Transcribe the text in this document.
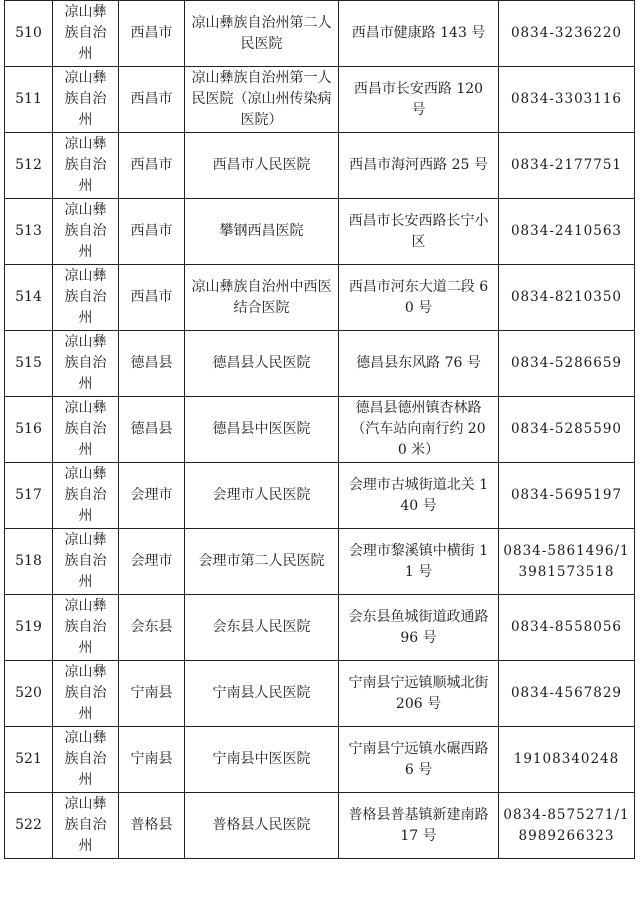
510	凉山彝族自治州	西昌市	凉山彝族自治州第二人民医院	西昌市健康路 143 号	0834-3236220
511	凉山彝族自治州	西昌市	凉山彝族自治州第一人民医院（凉山州传染病医院）	西昌市长安西路 120 号	0834-3303116
512	凉山彝族自治州	西昌市	西昌市人民医院	西昌市海河西路 25 号	0834-2177751
513	凉山彝族自治州	西昌市	攀钢西昌医院	西昌市长安西路长宁小区	0834-2410563
514	凉山彝族自治州	西昌市	凉山彝族自治州中西医结合医院	西昌市河东大道二段 60 号	0834-8210350
515	凉山彝族自治州	德昌县	德昌县人民医院	德昌县东风路 76 号	0834-5286659
516	凉山彝族自治州	德昌县	德昌县中医医院	德昌县德州镇杏林路（汽车站向南行约 200 米）	0834-5285590
517	凉山彝族自治州	会理市	会理市人民医院	会理市古城街道北关 140 号	0834-5695197
518	凉山彝族自治州	会理市	会理市第二人民医院	会理市黎溪镇中横街 11 号	0834-5861496/13981573518
519	凉山彝族自治州	会东县	会东县人民医院	会东县鱼城街道政通路 96 号	0834-8558056
520	凉山彝族自治州	宁南县	宁南县人民医院	宁南县宁远镇顺城北街 206 号	0834-4567829
521	凉山彝族自治州	宁南县	宁南县中医医院	宁南县宁远镇水碾西路 6 号	19108340248
522	凉山彝族自治州	普格县	普格县人民医院	普格县普基镇新建南路 17 号	0834-8575271/18989266323
